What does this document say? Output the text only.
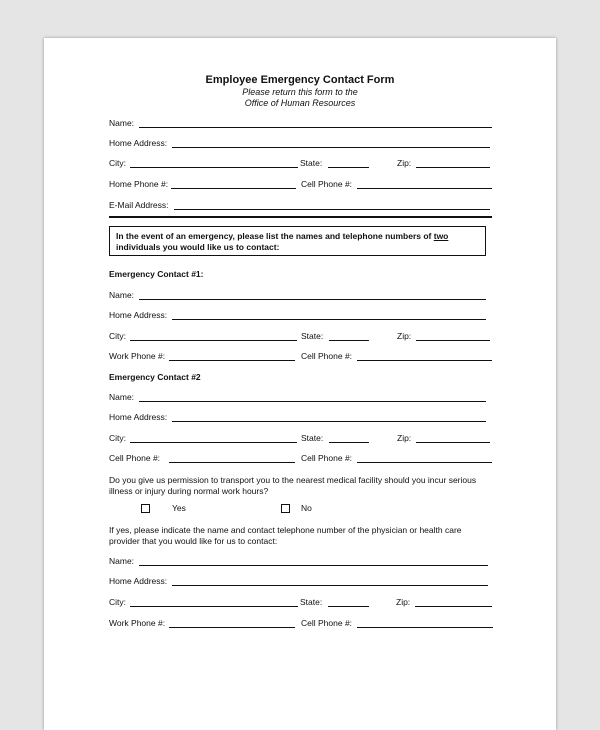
Employee Emergency Contact Form
Please return this form to the
Office of Human Resources
Name:
Home Address:
City:	State:	Zip:
Home Phone #:	Cell Phone #:
E-Mail Address:
In the event of an emergency, please list the names and telephone numbers of two individuals you would like us to contact:
Emergency Contact #1:
Name:
Home Address:
City:	State:	Zip:
Work Phone #:	Cell Phone #:
Emergency Contact #2
Name:
Home Address:
City:	State:	Zip:
Cell Phone #:	Cell Phone #:
Do you give us permission to transport you to the nearest medical facility should you incur serious illness or injury during normal work hours?
Yes	No
If yes, please indicate the name and contact telephone number of the physician or health care provider that you would like for us to contact:
Name:
Home Address:
City:	State:	Zip:
Work Phone #:	Cell Phone #:
